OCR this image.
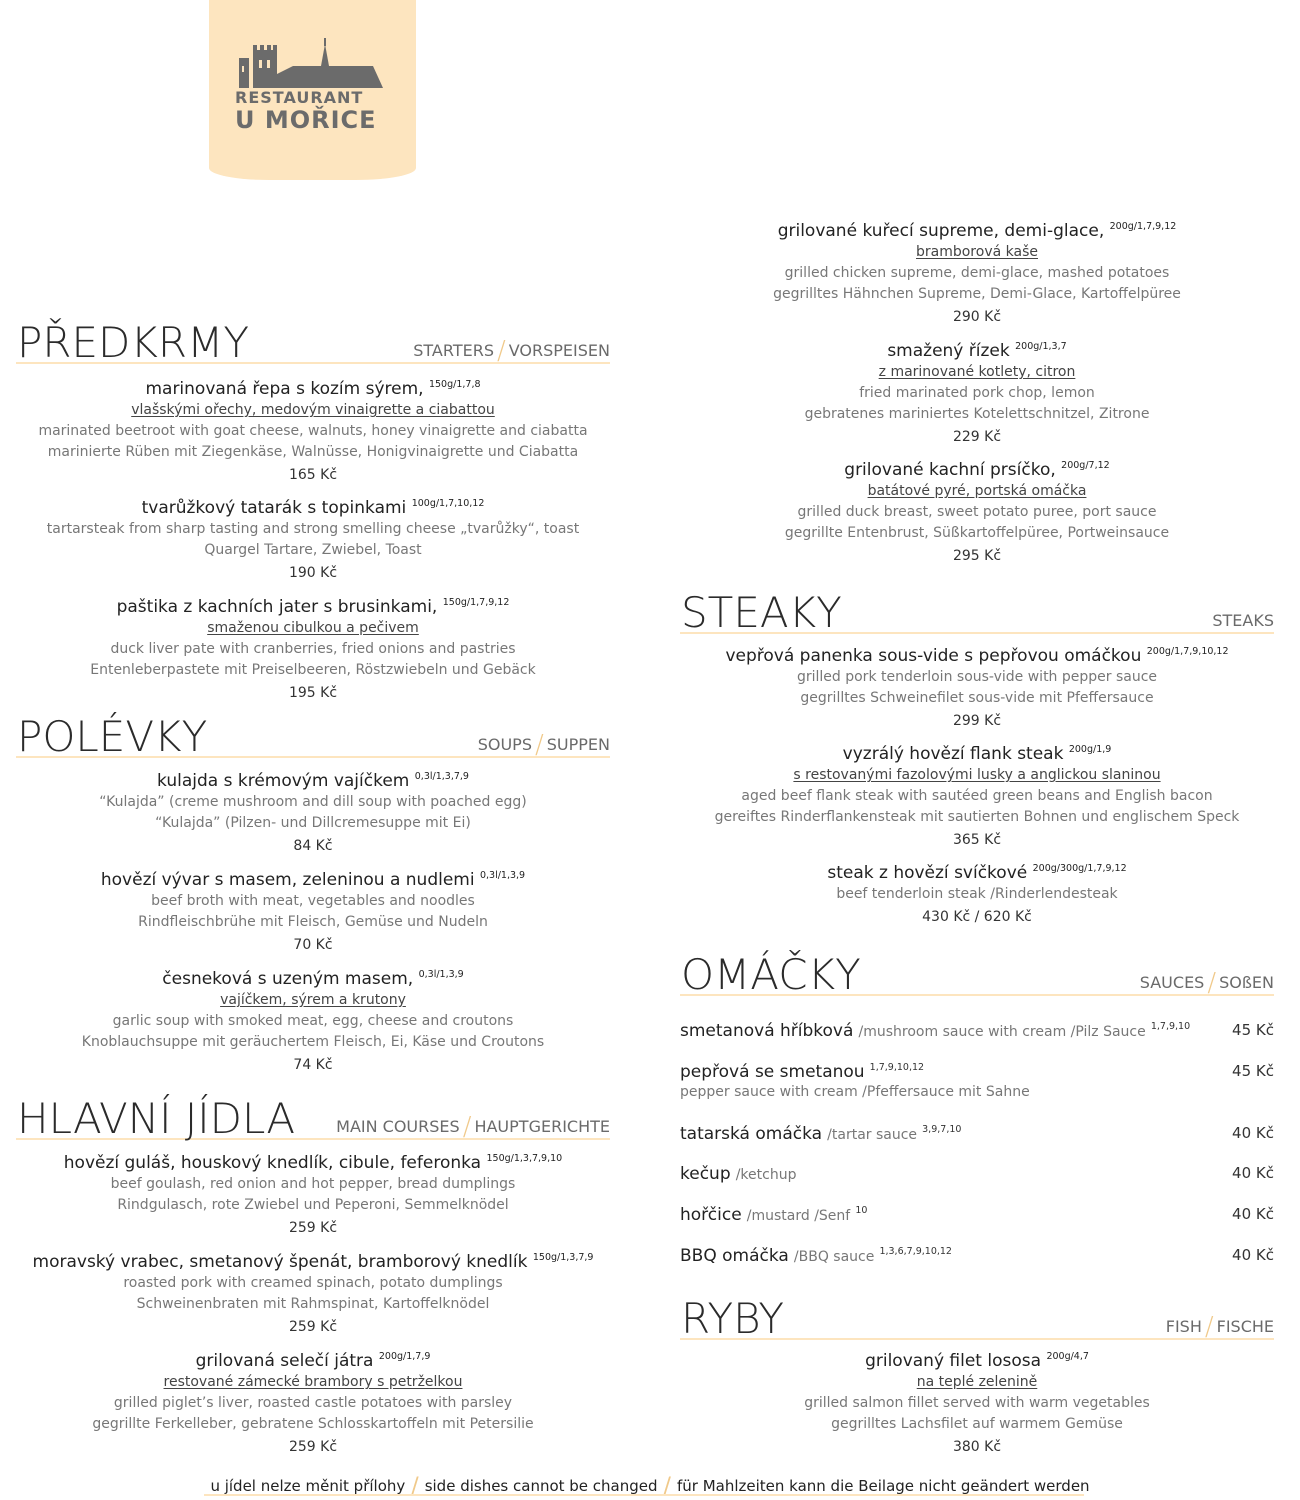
RESTAURANT
U MOŘICE
grilované kuřecí supreme, demi-glace, $^{200g/1,7,9,12}$
bramborová kaše
grilled chicken supreme, demi-glace, mashed potatoes
gegrilltes Hähnchen Supreme, Demi-Glace, Kartoffelpüree
290 Kč
smažený řízek $^{200g/1,3,7}$
z marinované kotlety, citron
fried marinated pork chop, lemon
gebratenes mariniertes Kotelettschnitzel, Zitrone
229 Kč
grilované kachní prsíčko, $^{200g/7,12}$
batátové pyré, portská omáčka
grilled duck breast, sweet potato puree, port sauce
gegrillte Entenbrust, Süßkartoffelpüree, Portweinsauce
295 Kč
PŘEDKRMY	STARTERS / VORSPEISEN
marinovaná řepa s kozím sýrem, $^{150g/1,7,8}$
vlašskými ořechy, medovým vinaigrette a ciabattou
marinated beetroot with goat cheese, walnuts, honey vinaigrette and ciabatta
marinierte Rüben mit Ziegenkäse, Walnüsse, Honigvinaigrette und Ciabatta
165 Kč
tvarůžkový tatarák s topinkami $^{100g/1,7,10,12}$
tartarsteak from sharp tasting and strong smelling cheese „tvarůžky“, toast
Quargel Tartare, Zwiebel, Toast
190 Kč
paštika z kachních jater s brusinkami, $^{150g/1,7,9,12}$
smaženou cibulkou a pečivem
duck liver pate with cranberries, fried onions and pastries
Entenleberpastete mit Preiselbeeren, Röstzwiebeln und Gebäck
195 Kč
POLÉVKY	SOUPS / SUPPEN
kulajda s krémovým vajíčkem $^{0,3l/1,3,7,9}$
“Kulajda” (creme mushroom and dill soup with poached egg)
“Kulajda” (Pilzen- und Dillcremesuppe mit Ei)
84 Kč
hovězí vývar s masem, zeleninou a nudlemi $^{0,3l/1,3,9}$
beef broth with meat, vegetables and noodles
Rindfleischbrühe mit Fleisch, Gemüse und Nudeln
70 Kč
česneková s uzeným masem, $^{0,3l/1,3,9}$
vajíčkem, sýrem a krutony
garlic soup with smoked meat, egg, cheese and croutons
Knoblauchsuppe mit geräuchertem Fleisch, Ei, Käse und Croutons
74 Kč
HLAVNÍ JÍDLA	MAIN COURSES / HAUPTGERICHTE
hovězí guláš, houskový knedlík, cibule, feferonka $^{150g/1,3,7,9,10}$
beef goulash, red onion and hot pepper, bread dumplings
Rindgulasch, rote Zwiebel und Peperoni, Semmelknödel
259 Kč
moravský vrabec, smetanový špenát, bramborový knedlík $^{150g/1,3,7,9}$
roasted pork with creamed spinach, potato dumplings
Schweinenbraten mit Rahmspinat, Kartoffelknödel
259 Kč
grilovaná selečí játra $^{200g/1,7,9}$
restované zámecké brambory s petrželkou
grilled piglet’s liver, roasted castle potatoes with parsley
gegrillte Ferkelleber, gebratene Schlosskartoffeln mit Petersilie
259 Kč
STEAKY	STEAKS
vepřová panenka sous-vide s pepřovou omáčkou $^{200g/1,7,9,10,12}$
grilled pork tenderloin sous-vide with pepper sauce
gegrilltes Schweinefilet sous-vide mit Pfeffersauce
299 Kč
vyzrálý hovězí flank steak $^{200g/1,9}$
s restovanými fazolovými lusky a anglickou slaninou
aged beef flank steak with sautéed green beans and English bacon
gereiftes Rinderflankensteak mit sautierten Bohnen und englischem Speck
365 Kč
steak z hovězí svíčkové $^{200g/300g/1,7,9,12}$
beef tenderloin steak /Rinderlendesteak
430 Kč / 620 Kč
OMÁČKY	SAUCES / SOßEN
smetanová hříbková /mushroom sauce with cream /Pilz Sauce $^{1,7,9,10}$	45 Kč
pepřová se smetanou $^{1,7,9,10,12}$
pepper sauce with cream /Pfeffersauce mit Sahne
45 Kč
tatarská omáčka /tartar sauce $^{3,9,7,10}$	40 Kč
kečup /ketchup	40 Kč
hořčice /mustard /Senf $^{10}$	40 Kč
BBQ omáčka /BBQ sauce $^{1,3,6,7,9,10,12}$	40 Kč
RYBY	FISH / FISCHE
grilovaný filet lososa $^{200g/4,7}$
na teplé zelenině
grilled salmon fillet served with warm vegetables
gegrilltes Lachsfilet auf warmem Gemüse
380 Kč
u jídel nelze měnit přílohy / side dishes cannot be changed / für Mahlzeiten kann die Beilage nicht geändert werden
